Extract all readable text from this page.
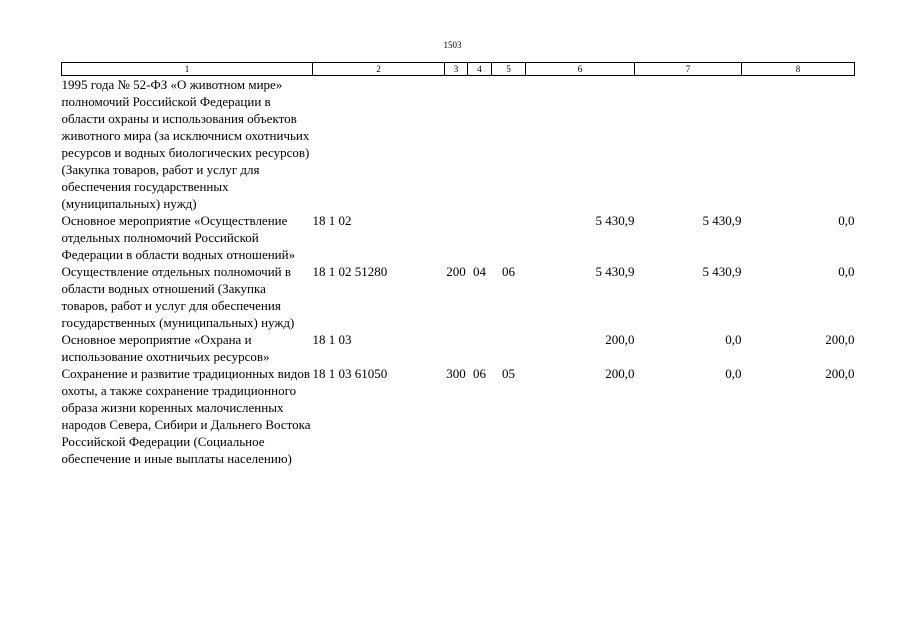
1503
1	2	3	4	5	6	7	8
1995 года № 52-ФЗ «О животном мире» полномочий Российской Федерации в области охраны и использования объектов животного мира (за исключнисм охотничьих ресурсов и водных биологических ресурсов) (Закупка товаров, работ и услуг для обеспечения государственных (муниципальных) нужд)							
Основное мероприятие «Осуществление отдельных полномочий Российской Федерации в области водных отношений»	18 1 02				5 430,9	5 430,9	0,0
Осуществление отдельных полномочий в области водных отношений (Закупка товаров, работ и услуг для обеспечения государственных (муниципальных) нужд)	18 1 02 51280	200	04	06	5 430,9	5 430,9	0,0
Основное мероприятие «Охрана и использование охотничьих ресурсов»	18 1 03				200,0	0,0	200,0
Сохранение и развитие традиционных видов охоты, а также сохранение традиционного образа жизни коренных малочисленных народов Севера, Сибири и Дальнего Востока Российской Федерации (Социальное обеспечение и иные выплаты населению)	18 1 03 61050	300	06	05	200,0	0,0	200,0
